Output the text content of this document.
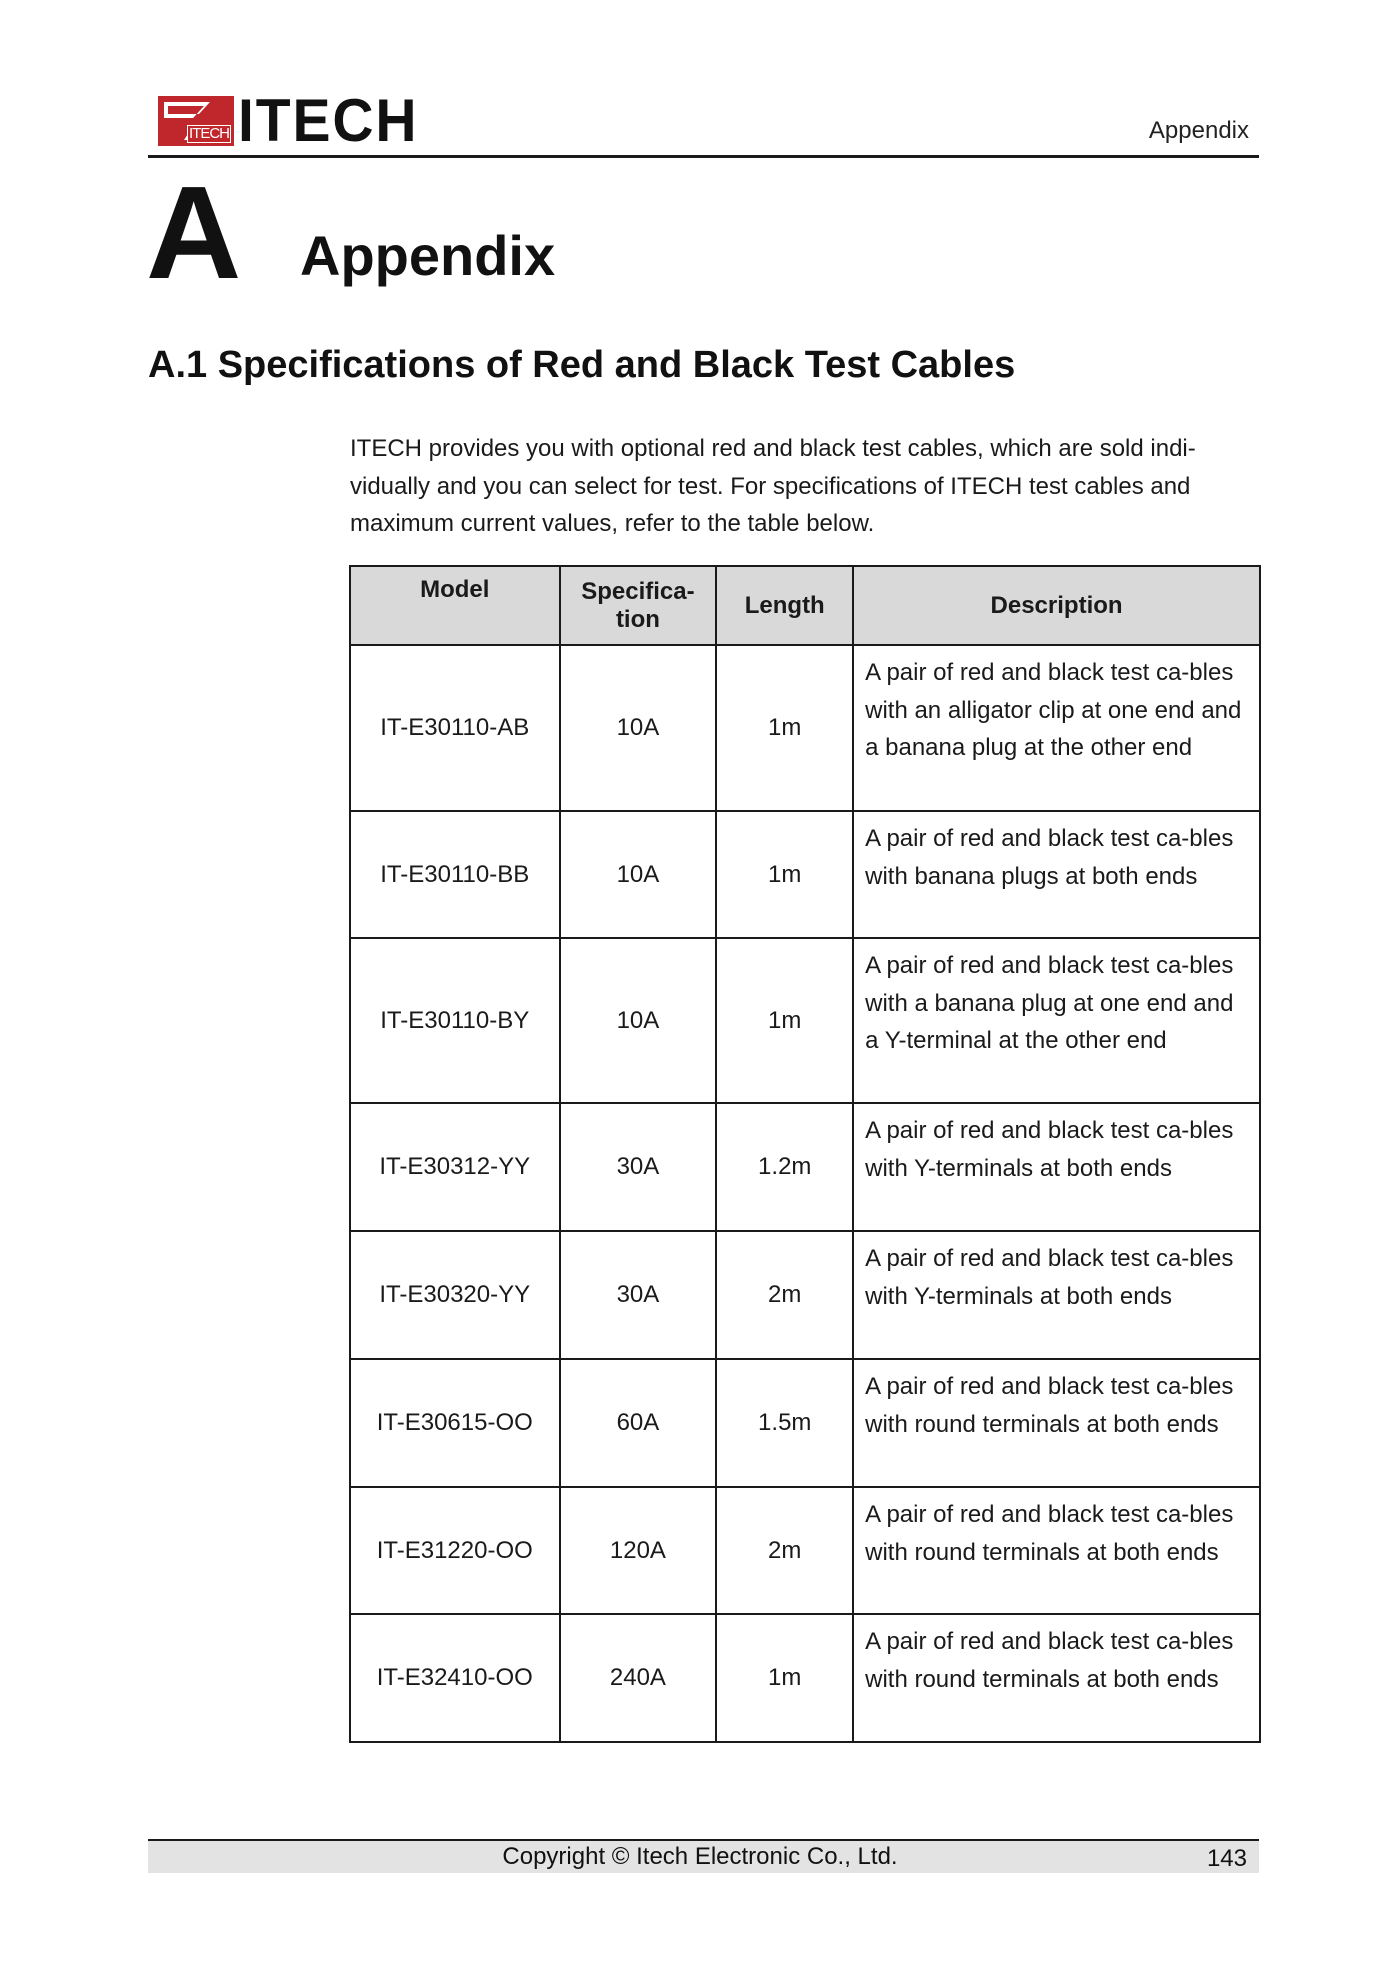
ITECH ITECH	Appendix
A Appendix
A.1 Specifications of Red and Black Test Cables
ITECH provides you with optional red and black test cables, which are sold indi-vidually and you can select for test. For specifications of ITECH test cables and maximum current values, refer to the table below.
Model	Specifica-tion	Length	Description
IT-E30110-AB	10A	1m	A pair of red and black test ca-bles with an alligator clip at one end and a banana plug at the other end
IT-E30110-BB	10A	1m	A pair of red and black test ca-bles with banana plugs at both ends
IT-E30110-BY	10A	1m	A pair of red and black test ca-bles with a banana plug at one end and a Y-terminal at the other end
IT-E30312-YY	30A	1.2m	A pair of red and black test ca-bles with Y-terminals at both ends
IT-E30320-YY	30A	2m	A pair of red and black test ca-bles with Y-terminals at both ends
IT-E30615-OO	60A	1.5m	A pair of red and black test ca-bles with round terminals at both ends
IT-E31220-OO	120A	2m	A pair of red and black test ca-bles with round terminals at both ends
IT-E32410-OO	240A	1m	A pair of red and black test ca-bles with round terminals at both ends
Copyright © Itech Electronic Co., Ltd.	143
